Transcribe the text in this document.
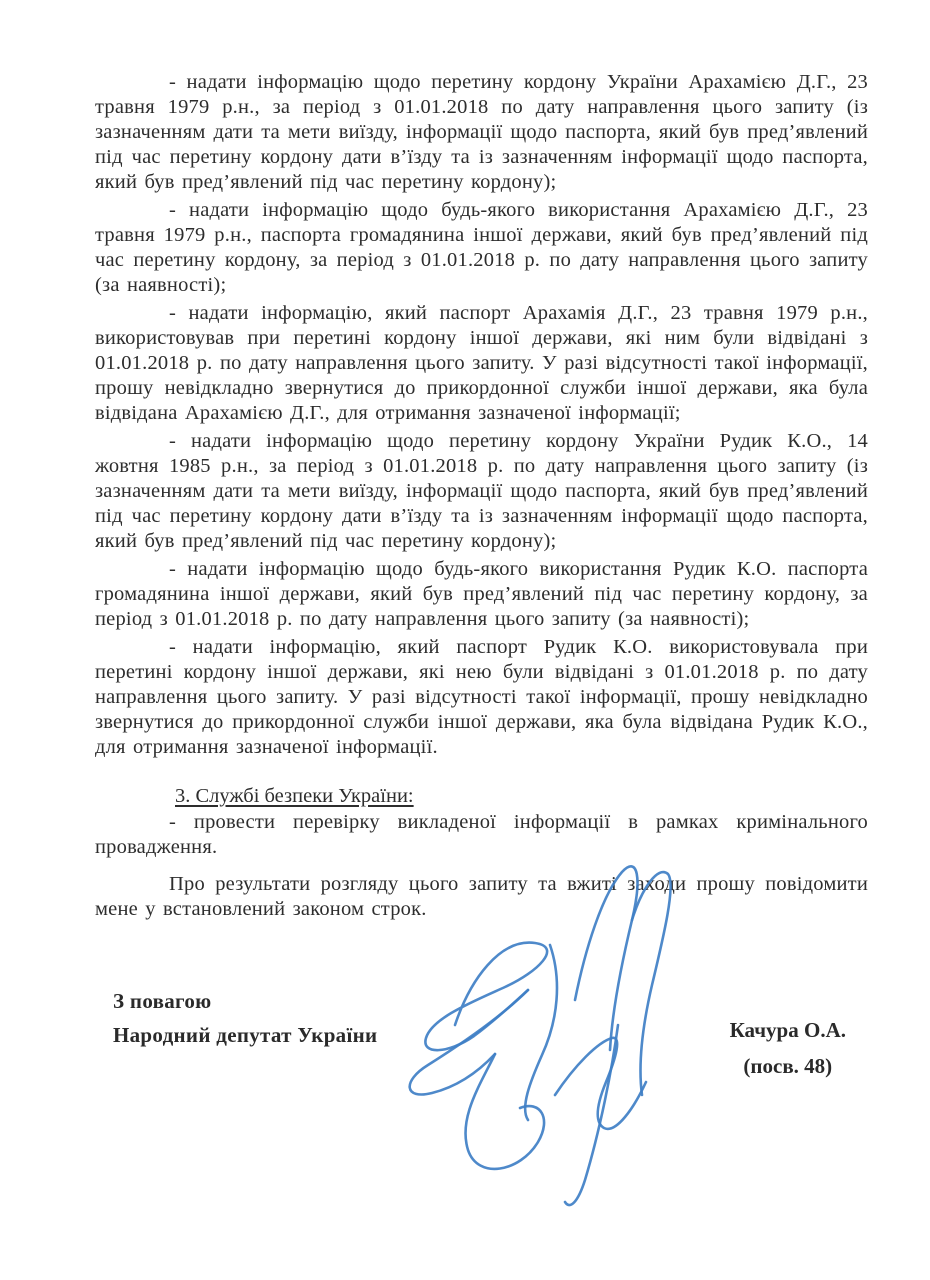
- надати інформацію щодо перетину кордону України Арахамією Д.Г., 23 травня 1979 р.н., за період з 01.01.2018 по дату направлення цього запиту (із зазначенням дати та мети виїзду, інформації щодо паспорта, який був пред’явлений під час перетину кордону дати в’їзду та із зазначенням інформації щодо паспорта, який був пред’явлений під час перетину кордону);

- надати інформацію щодо будь-якого використання Арахамією Д.Г., 23 травня 1979 р.н., паспорта громадянина іншої держави, який був пред’явлений під час перетину кордону, за період з 01.01.2018 р. по дату направлення цього запиту (за наявності);

- надати інформацію, який паспорт Арахамія Д.Г., 23 травня 1979 р.н., використовував при перетині кордону іншої держави, які ним були відвідані з 01.01.2018 р. по дату направлення цього запиту. У разі відсутності такої інформації, прошу невідкладно звернутися до прикордонної служби іншої держави, яка була відвідана Арахамією Д.Г., для отримання зазначеної інформації;

- надати інформацію щодо перетину кордону України Рудик К.О., 14 жовтня 1985 р.н., за період з 01.01.2018 р. по дату направлення цього запиту (із зазначенням дати та мети виїзду, інформації щодо паспорта, який був пред’явлений під час перетину кордону дати в’їзду та із зазначенням інформації щодо паспорта, який був пред’явлений під час перетину кордону);

- надати інформацію щодо будь-якого використання Рудик К.О. паспорта громадянина іншої держави, який був пред’явлений під час перетину кордону, за період з 01.01.2018 р. по дату направлення цього запиту (за наявності);

- надати інформацію, який паспорт Рудик К.О. використовувала при перетині кордону іншої держави, які нею були відвідані з 01.01.2018 р. по дату направлення цього запиту. У разі відсутності такої інформації, прошу невідкладно звернутися до прикордонної служби іншої держави, яка була відвідана Рудик К.О., для отримання зазначеної інформації.

3. Службі безпеки України:

- провести перевірку викладеної інформації в рамках кримінального провадження.

Про результати розгляду цього запиту та вжиті заходи прошу повідомити мене у встановлений законом строк.

З повагою
Народний депутат України	Качура О.А.
(посв. 48)
